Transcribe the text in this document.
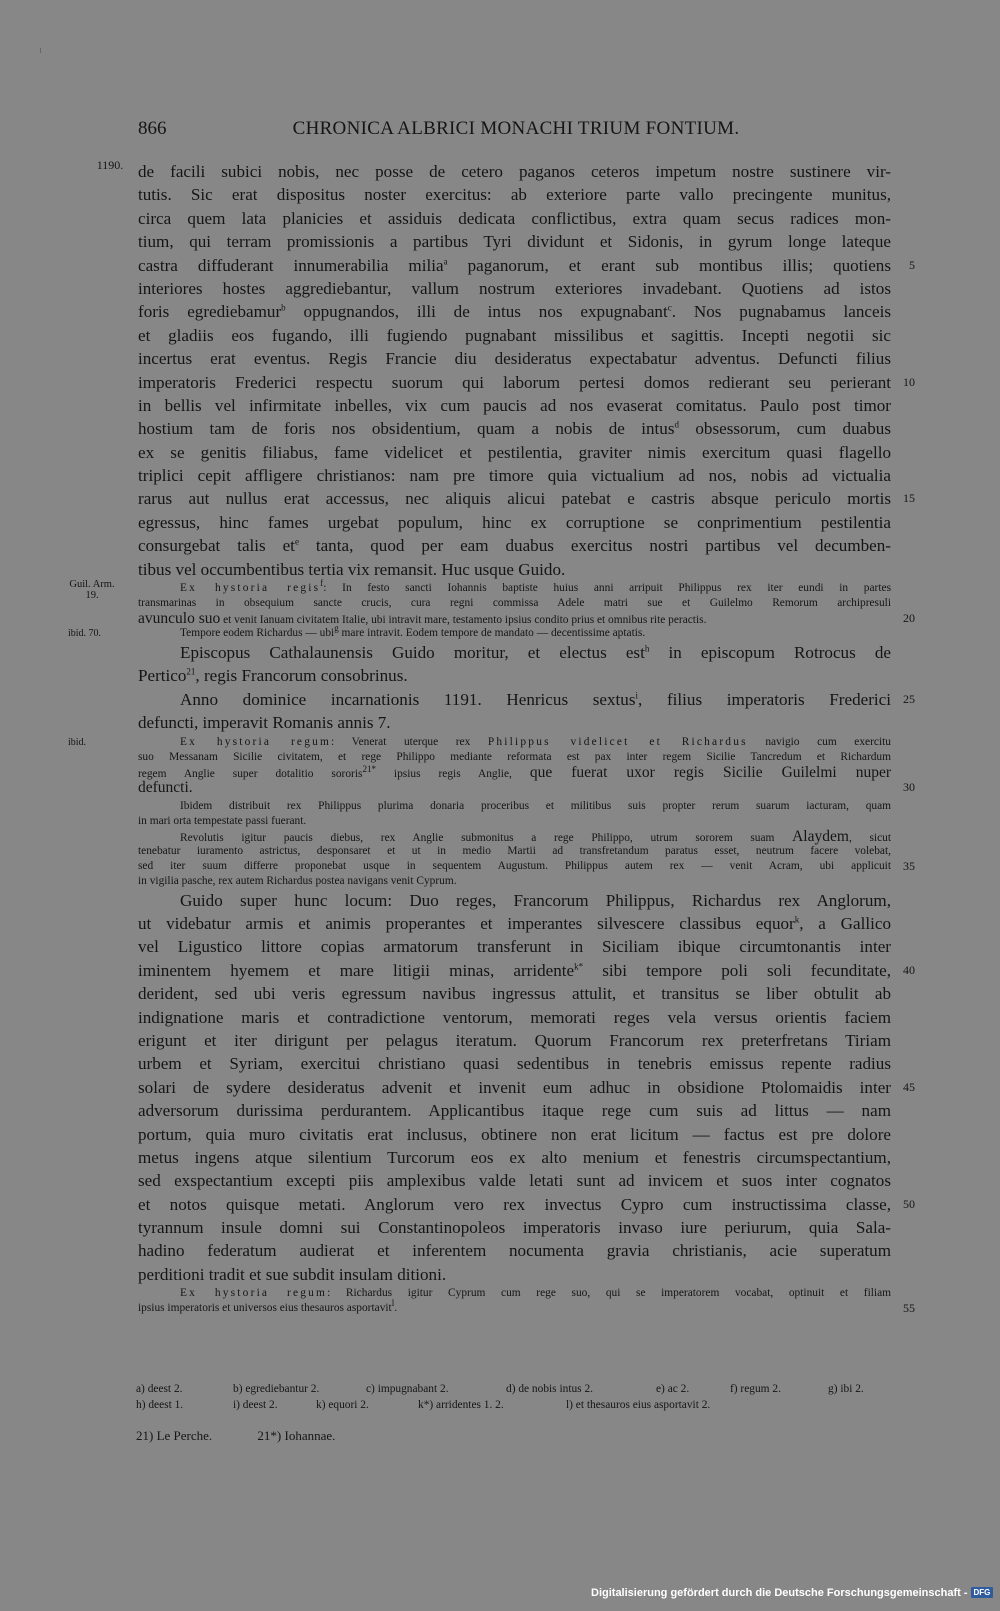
866	CHRONICA ALBRICI MONACHI TRIUM FONTIUM.
1190. de facili subici nobis, nec posse de cetero paganos ceteros impetum nostre sustinere vir-
tutis. Sic erat dispositus noster exercitus: ab exteriore parte vallo precingente munitus,
circa quem lata planicies et assiduis dedicata conflictibus, extra quam secus radices mon-
tium, qui terram promissionis a partibus Tyri dividunt et Sidonis, in gyrum longe lateque
castra diffuderant innumerabilia milia$^a$ paganorum, et erant sub montibus illis; quotiens 5
interiores hostes aggrediebantur, vallum nostrum exteriores invadebant. Quotiens ad istos
foris egrediebamur$^b$ oppugnandos, illi de intus nos expugnabant$^c$. Nos pugnabamus lanceis
et gladiis eos fugando, illi fugiendo pugnabant missilibus et sagittis. Incepti negotii sic
incertus erat eventus. Regis Francie diu desideratus expectabatur adventus. Defuncti filius
imperatoris Frederici respectu suorum qui laborum pertesi domos redierant seu perierant 10
in bellis vel infirmitate inbelles, vix cum paucis ad nos evaserat comitatus. Paulo post timor
hostium tam de foris nos obsidentium, quam a nobis de intus$^d$ obsessorum, cum duabus
ex se genitis filiabus, fame videlicet et pestilentia, graviter nimis exercitum quasi flagello
triplici cepit affligere christianos: nam pre timore quia victualium ad nos, nobis ad victualia
rarus aut nullus erat accessus, nec aliquis alicui patebat e castris absque periculo mortis 15
egressus, hinc fames urgebat populum, hinc ex corruptione se conprimentium pestilentia
consurgebat talis $et^e$ tanta, quod per eam duabus exercitus nostri partibus vel decumben-
tibus vel occumbentibus tertia vix remansit. Huc usque Guido.
Guil. Arm.
19.
Ex hystoria regis$^f$: In festo sancti Iohannis baptiste huius anni arripuit Philippus rex iter eundi in partes
transmarinas in obsequium sancte crucis, cura regni commissa Adele matri sue et Guilelmo Remorum archipresuli
avunculo suo et venit Ianuam civitatem Italie, ubi intravit mare, testamento ipsius condito prius et omnibus rite peractis.	20
ibid. 70.	Tempore eodem Richardus — ubi$^g$ mare intravit. Eodem tempore de mandato — decentissime aptatis.
Episcopus Cathalaunensis Guido moritur, et electus est$^h$ in episcopum Rotrocus de
Pertico$^{21}$, regis Francorum consobrinus.
Anno dominice incarnationis 1191. Henricus sextus$^i$, filius imperatoris Frederici 25
defuncti, imperavit Romanis annis 7.
ibid.	Ex hystoria regum: Venerat uterque rex Philippus videlicet et Richardus navigio cum exercitu
suo Messanam Sicilie civitatem, et rege Philippo mediante reformata est pax inter regem Sicilie Tancredum et Richardum
regem Anglie super dotalitio sororis$^{21*}$ ipsius regis Anglie, que fuerat uxor regis Sicilie Guilelmi nuper
defuncti.	30
Ibidem distribuit rex Philippus plurima donaria proceribus et militibus suis propter rerum suarum iacturam, quam
in mari orta tempestate passi fuerant.
Revolutis igitur paucis diebus, rex Anglie submonitus a rege Philippo, utrum sororem suam Alaydem, sicut
tenebatur iuramento astrictus, desponsaret et ut in medio Martii ad transfretandum paratus esset, neutrum facere volebat,
sed iter suum differre proponebat usque in sequentem Augustum. Philippus autem rex — venit Acram, ubi applicuit 35
in vigilia pasche, rex autem Richardus postea navigans venit Cyprum.
Guido super hunc locum: Duo reges, Francorum Philippus, Richardus rex Anglorum,
ut videbatur armis et animis properantes et imperantes silvescere classibus equor$^k$, a Gallico
vel Ligustico littore copias armatorum transferunt in Siciliam ibique circumtonantis inter
iminentem hyemem et mare litigii minas, arridente$^{k*}$ sibi tempore poli soli fecunditate, 40
derident, sed ubi veris egressum navibus ingressus attulit, et transitus se liber obtulit ab
indignatione maris et contradictione ventorum, memorati reges vela versus orientis faciem
erigunt et iter dirigunt per pelagus iteratum. Quorum Francorum rex preterfretans Tiriam
urbem et Syriam, exercitui christiano quasi sedentibus in tenebris emissus repente radius
solari de sydere desideratus advenit et invenit eum adhuc in obsidione Ptolomaidis inter 45
adversorum durissima perdurantem. Applicantibus itaque rege cum suis ad littus — nam
portum, quia muro civitatis erat inclusus, obtinere non erat licitum — factus est pre dolore
metus ingens atque silentium Turcorum eos ex alto menium et fenestris circumspectantium,
sed exspectantium excepti piis amplexibus valde letati sunt ad invicem et suos inter cognatos
et notos quisque metati. Anglorum vero rex invectus Cypro cum instructissima classe, 50
tyrannum insule domni sui Constantinopoleos imperatoris invaso iure periurum, quia Sala-
hadino federatum audierat et inferentem nocumenta gravia christianis, acie superatum
perditioni tradit et sue subdit insulam ditioni.
Ex hystoria regum: Richardus igitur Cyprum cum rege suo, qui se imperatorem vocabat, optinuit et filiam
ipsius imperatoris et universos eius thesauros asportavit$^l$.	55
a) deest 2.	b) egrediebantur 2.	c) impugnabant 2.	d) de nobis intus 2.	e) ac 2.	f) regum 2.	g) ibi 2.
h) deest 1.	i) deest 2.	k) equori 2.	k*) arridentes 1. 2.	l) et thesauros eius asportavit 2.
21) Le Perche.	21*) Iohannae.
Digitalisierung gefördert durch die Deutsche Forschungsgemeinschaft - DFG
